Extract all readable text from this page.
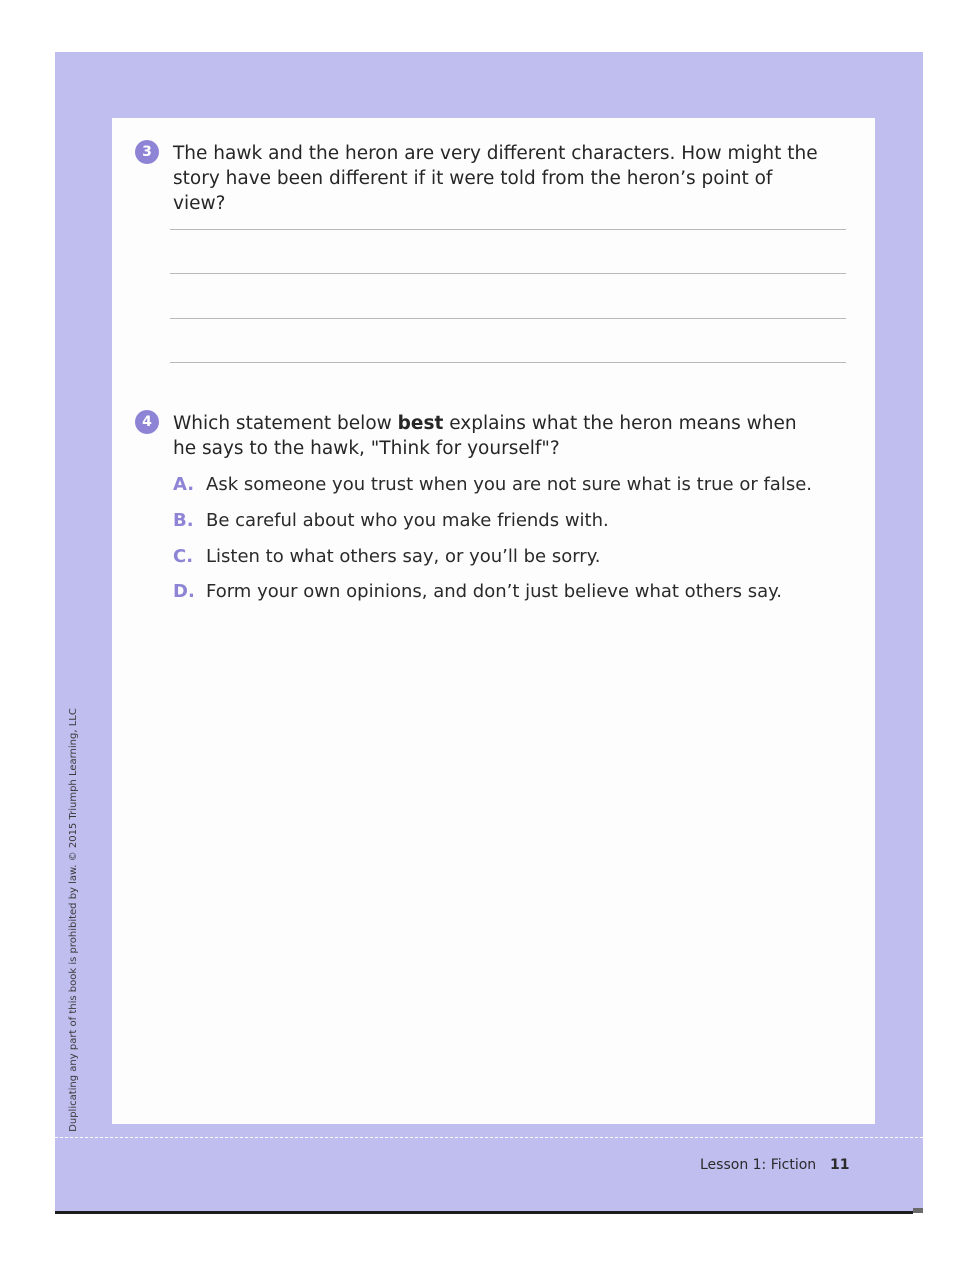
3	The hawk and the heron are very different characters. How might the story have been different if it were told from the heron’s point of view?
4	Which statement below best explains what the heron means when he says to the hawk, "Think for yourself"?
A. Ask someone you trust when you are not sure what is true or false.
B. Be careful about who you make friends with.
C. Listen to what others say, or you’ll be sorry.
D. Form your own opinions, and don’t just believe what others say.
Lesson 1: Fiction 11
Duplicating any part of this book is prohibited by law. © 2015 Triumph Learning, LLC
